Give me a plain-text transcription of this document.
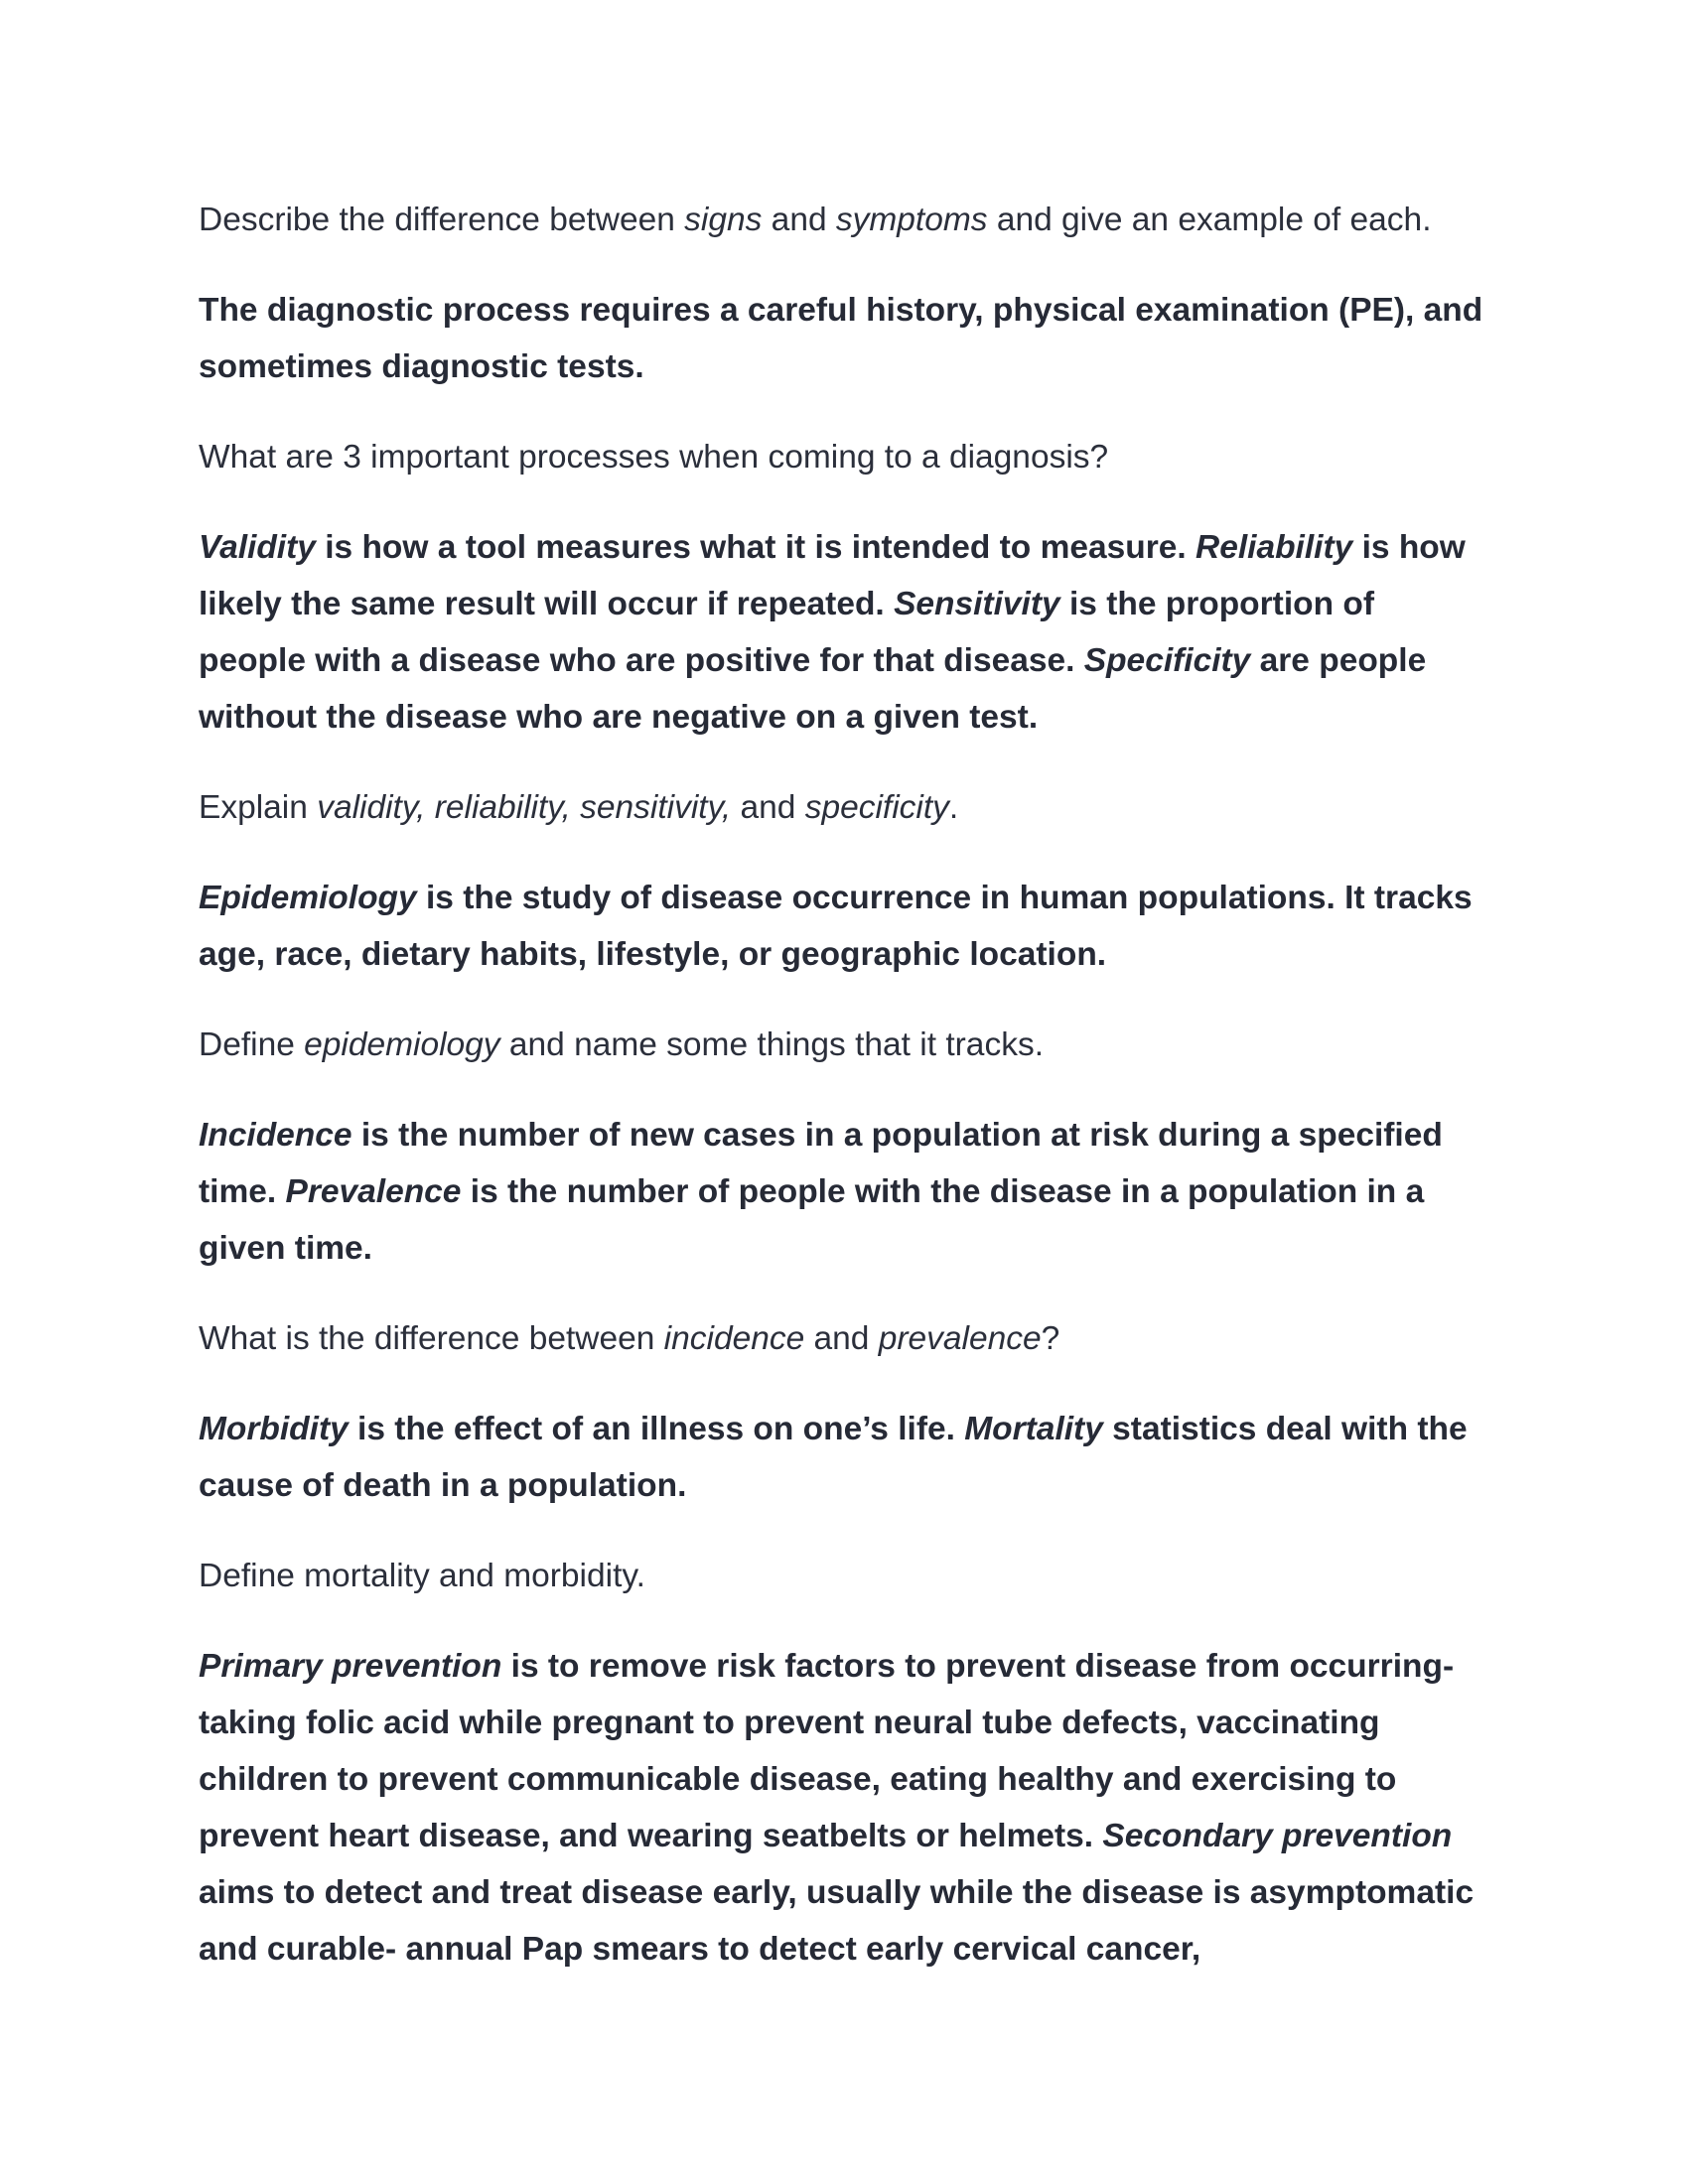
Describe the difference between signs and symptoms and give an example of each.

The diagnostic process requires a careful history, physical examination (PE), and sometimes diagnostic tests.

What are 3 important processes when coming to a diagnosis?

Validity is how a tool measures what it is intended to measure. Reliability is how likely the same result will occur if repeated. Sensitivity is the proportion of people with a disease who are positive for that disease. Specificity are people without the disease who are negative on a given test.

Explain validity, reliability, sensitivity, and specificity.

Epidemiology is the study of disease occurrence in human populations. It tracks age, race, dietary habits, lifestyle, or geographic location.

Define epidemiology and name some things that it tracks.

Incidence is the number of new cases in a population at risk during a specified time. Prevalence is the number of people with the disease in a population in a given time.

What is the difference between incidence and prevalence?

Morbidity is the effect of an illness on one’s life. Mortality statistics deal with the cause of death in a population.

Define mortality and morbidity.

Primary prevention is to remove risk factors to prevent disease from occurring- taking folic acid while pregnant to prevent neural tube defects, vaccinating children to prevent communicable disease, eating healthy and exercising to prevent heart disease, and wearing seatbelts or helmets. Secondary prevention aims to detect and treat disease early, usually while the disease is asymptomatic and curable- annual Pap smears to detect early cervical cancer,
